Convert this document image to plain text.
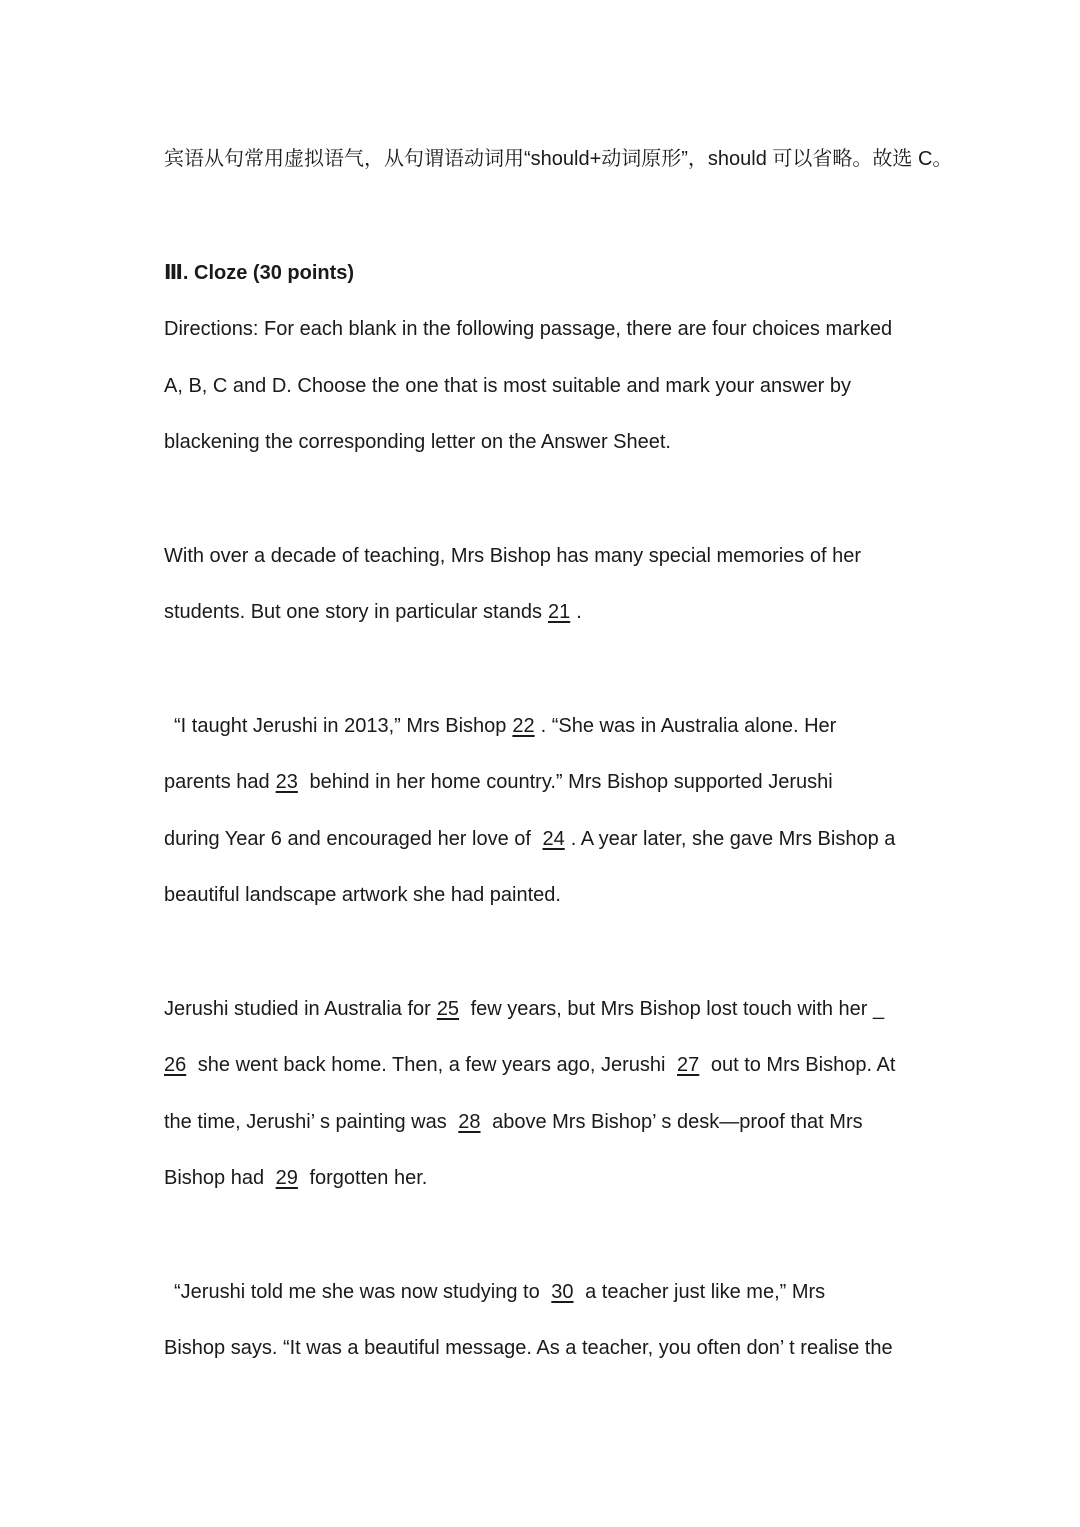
宾语从句常用虚拟语气，从句谓语动词用“should+动词原形”，should 可以省略。故选 C。
Ⅲ. Cloze (30 points)
Directions: For each blank in the following passage, there are four choices marked
A, B, C and D. Choose the one that is most suitable and mark your answer by
blackening the corresponding letter on the Answer Sheet.
With over a decade of teaching, Mrs Bishop has many special memories of her
students. But one story in particular stands 21 .
“I taught Jerushi in 2013,” Mrs Bishop 22 . “She was in Australia alone. Her
parents had 23 behind in her home country.” Mrs Bishop supported Jerushi
during Year 6 and encouraged her love of 24 . A year later, she gave Mrs Bishop a
beautiful landscape artwork she had painted.
Jerushi studied in Australia for 25 few years, but Mrs Bishop lost touch with her _
26 she went back home. Then, a few years ago, Jerushi 27 out to Mrs Bishop. At
the time, Jerushi’ s painting was 28 above Mrs Bishop’ s desk—proof that Mrs
Bishop had 29 forgotten her.
“Jerushi told me she was now studying to 30 a teacher just like me,” Mrs
Bishop says. “It was a beautiful message. As a teacher, you often don’ t realise the
